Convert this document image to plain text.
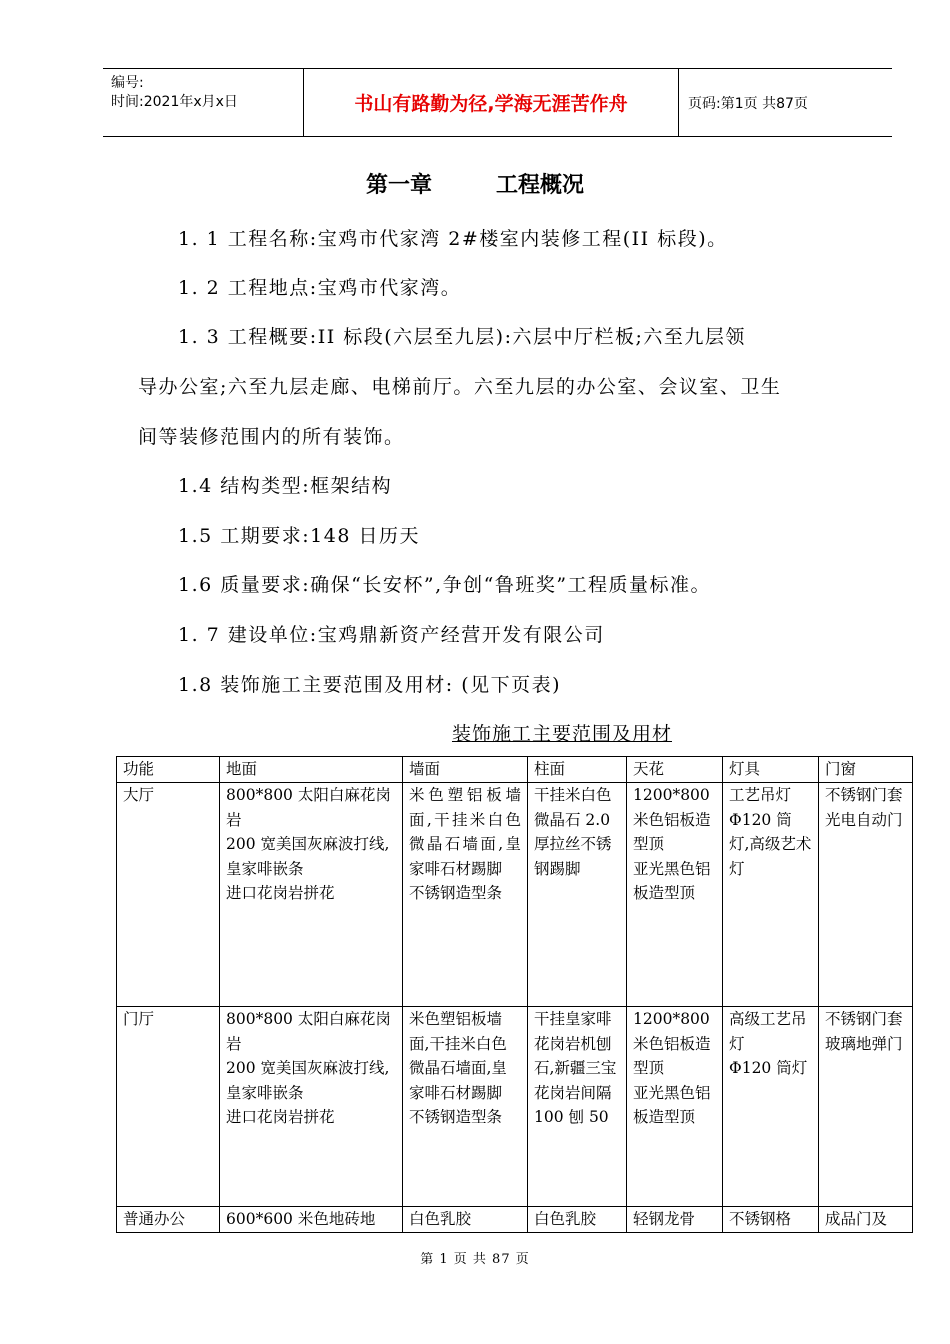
编号:
时间:2021年x月x日	书山有路勤为径,学海无涯苦作舟	页码:第1页 共87页
第一章	工程概况
1. 1 工程名称:宝鸡市代家湾 2#楼室内装修工程(II 标段)。
1. 2 工程地点:宝鸡市代家湾。
1. 3 工程概要:II 标段(六层至九层):六层中厅栏板;六至九层领
导办公室;六至九层走廊、电梯前厅。六至九层的办公室、会议室、卫生
间等装修范围内的所有装饰。
1.4 结构类型:框架结构
1.5 工期要求:148 日历天
1.6 质量要求:确保“长安杯”,争创“鲁班奖”工程质量标准。
1. 7 建设单位:宝鸡鼎新资产经营开发有限公司
1.8 装饰施工主要范围及用材: (见下页表)
装饰施工主要范围及用材
功能	地面	墙面	柱面	天花	灯具	门窗
大厅	800*800 太阳白麻花岗岩
200 宽美国灰麻波打线,皇家啡嵌条
进口花岗岩拼花	米色塑铝板墙面,干挂米白色微晶石墙面,皇家啡石材踢脚
不锈钢造型条	干挂米白色微晶石 2.0 厚拉丝不锈钢踢脚	1200*800 米色铝板造型顶
亚光黑色铝板造型顶	工艺吊灯
Φ120 筒灯,高级艺术灯	不锈钢门套
光电自动门
门厅	800*800 太阳白麻花岗岩
200 宽美国灰麻波打线,皇家啡嵌条
进口花岗岩拼花	米色塑铝板墙面,干挂米白色微晶石墙面,皇家啡石材踢脚
不锈钢造型条	干挂皇家啡花岗岩机刨石,新疆三宝花岗岩间隔 100 刨 50	1200*800 米色铝板造型顶
亚光黑色铝板造型顶	高级工艺吊灯
Φ120 筒灯	不锈钢门套
玻璃地弹门
普通办公	600*600 米色地砖地	白色乳胶	白色乳胶	轻钢龙骨	不锈钢格	成品门及
第 1 页 共 87 页
